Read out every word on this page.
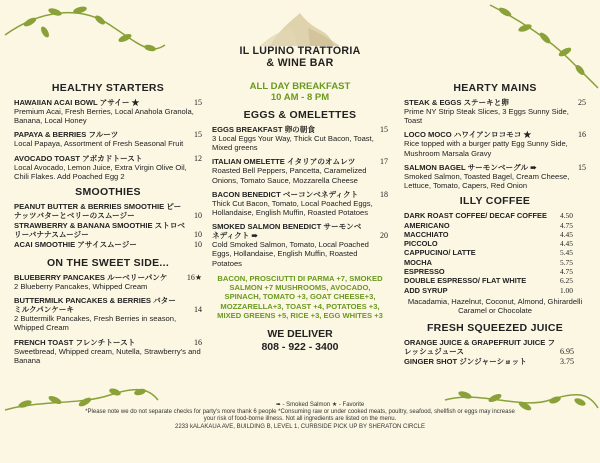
IL LUPINO TRATTORIA
& WINE BAR
HEALTHY STARTERS
HAWAIIAN ACAI BOWL アサイー ★	15
Premium Acai, Fresh Berries, Local Anahola Granola, Banana, Local Honey
PAPAYA & BERRIES フルーツ	15
Local Papaya, Assortment of Fresh Seasonal Fruit
AVOCADO TOAST アボカドトースト	12
Local Avocado, Lemon Juice, Extra Virgin Olive Oil, Chili Flakes. Add Poached Egg 2
SMOOTHIES
PEANUT BUTTER & BERRIES SMOOTHIE ピーナッツバターとベリーのスムージー	10
STRAWBERRY & BANANA SMOOTHIE ストロベリーバナナスムージー	10
ACAI SMOOTHIE アサイスムージー	10
ON THE SWEET SIDE...
BLUEBERRY PANCAKES ルーベリーパンケ	16★
2 Blueberry Pancakes, Whipped Cream
BUTTERMILK PANCAKES & BERRIES バターミルクパンケーキ	14
2 Buttermilk Pancakes, Fresh Berries in season, Whipped Cream
FRENCH TOAST フレンチトースト	16
Sweetbread, Whipped cream, Nutella, Strawberry's and Banana
ALL DAY BREAKFAST
10 AM - 8 PM
EGGS & OMELETTES
EGGS BREAKFAST 卵の朝食	15
3 Local Eggs Your Way, Thick Cut Bacon, Toast, Mixed greens
ITALIAN OMELETTE イタリアのオムレツ	17
Roasted Bell Peppers, Pancetta, Caramelized Onions, Tomato Sauce, Mozzarella Cheese
BACON BENEDICT ベーコンベネディクト	18
Thick Cut Bacon, Tomato, Local Poached Eggs, Hollandaise, English Muffin, Roasted Potatoes
SMOKED SALMON BENEDICT サーモンベネディクト ➠	20
Cold Smoked Salmon, Tomato, Local Poached Eggs, Hollandaise, English Muffin, Roasted Potatoes
BACON, PROSCIUTTI DI PARMA +7, SMOKED SALMON +7 MUSHROOMS, AVOCADO, SPINACH, TOMATO +3, GOAT CHEESE+3, MOZZARELLA+3, TOAST +4, POTATOES +3, MIXED GREENS +5, RICE +3, EGG WHITES +3
WE DELIVER
808 - 922 - 3400
HEARTY MAINS
STEAK & EGGS ステーキと卵	25
Prime NY Strip Steak Slices, 3 Eggs Sunny Side, Toast
LOCO MOCO ハワイアンロコモコ ★	16
Rice topped with a burger patty Egg Sunny Side, Mushroom Marsala Gravy
SALMON BAGEL サーモンベーグル ➠	15
Smoked Salmon, Toasted Bagel, Cream Cheese, Lettuce, Tomato, Capers, Red Onion
ILLY COFFEE
DARK ROAST COFFEE/ DECAF COFFEE 4.50
AMERICANO	4.75
MACCHIATO	4.45
PICCOLO	4.45
CAPPUCINO/ LATTE	5.45
MOCHA	5.75
ESPRESSO	4.75
DOUBLE ESPRESSO/ FLAT WHITE	6.25
ADD SYRUP	1.00
Macadamia, Hazelnut, Coconut, Almond, Ghirardelli Caramel or Chocolate
FRESH SQUEEZED JUICE
ORANGE JUICE & GRAPEFRUIT JUICE フレッシュジュース	6.95
GINGER SHOT ジンジャーショット	3.75
➠ - Smoked Salmon ★ - Favorite
*Please note we do not separate checks for party's more thank 6 people *Consuming raw or under cooked meats, poultry, seafood, shellfish or eggs may increase
your risk of food-borne illness. Not all ingredients are listed on the menu.
2233 kALAKAUA AVE, BUILDING B, LEVEL 1, CURBSIDE PICK UP BY SHERATON CIRCLE
